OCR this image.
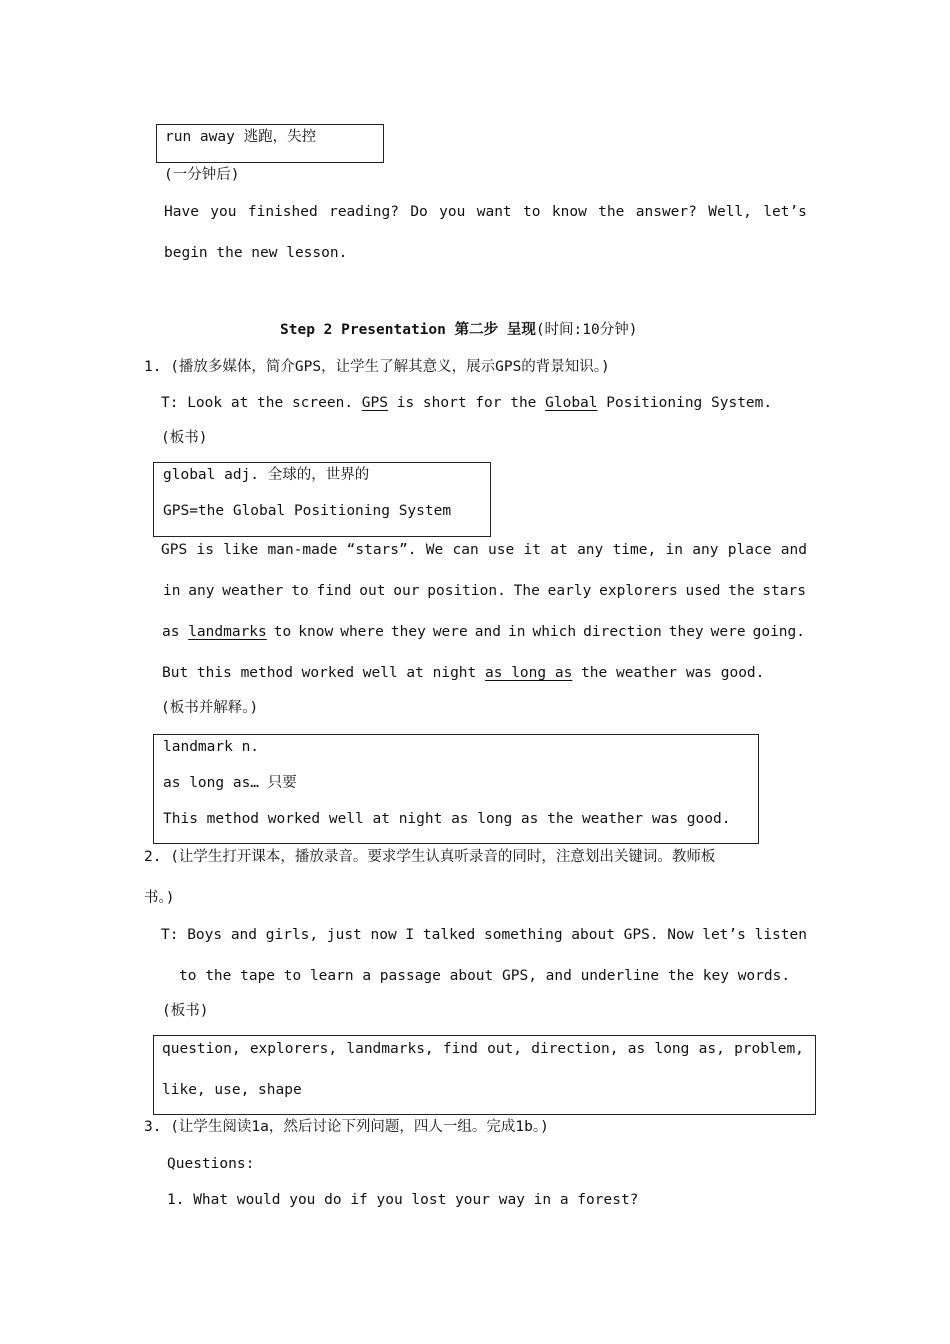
run away 逃跑，失控
(一分钟后)
Have you finished reading? Do you want to know the answer? Well, let’s
begin the new lesson.
Step 2 Presentation 第二步 呈现(时间:10分钟)
1. (播放多媒体，简介GPS，让学生了解其意义，展示GPS的背景知识。)
T: Look at the screen. GPS is short for the Global Positioning System.
(板书)
global adj. 全球的，世界的
GPS=the Global Positioning System
GPS is like man-made “stars”. We can use it at any time, in any place and
in any weather to find out our position. The early explorers used the stars
as landmarks to know where they were and in which direction they were going.
But this method worked well at night as long as the weather was good.
(板书并解释。)
landmark n.
as long as… 只要
This method worked well at night as long as the weather was good.
2. (让学生打开课本，播放录音。要求学生认真听录音的同时，注意划出关键词。教师板
书。)
T: Boys and girls, just now I talked something about GPS. Now let’s listen
to the tape to learn a passage about GPS, and underline the key words.
(板书)
question, explorers, landmarks, find out, direction, as long as, problem,
like, use, shape
3. (让学生阅读1a，然后讨论下列问题，四人一组。完成1b。)
Questions:
1. What would you do if you lost your way in a forest?
